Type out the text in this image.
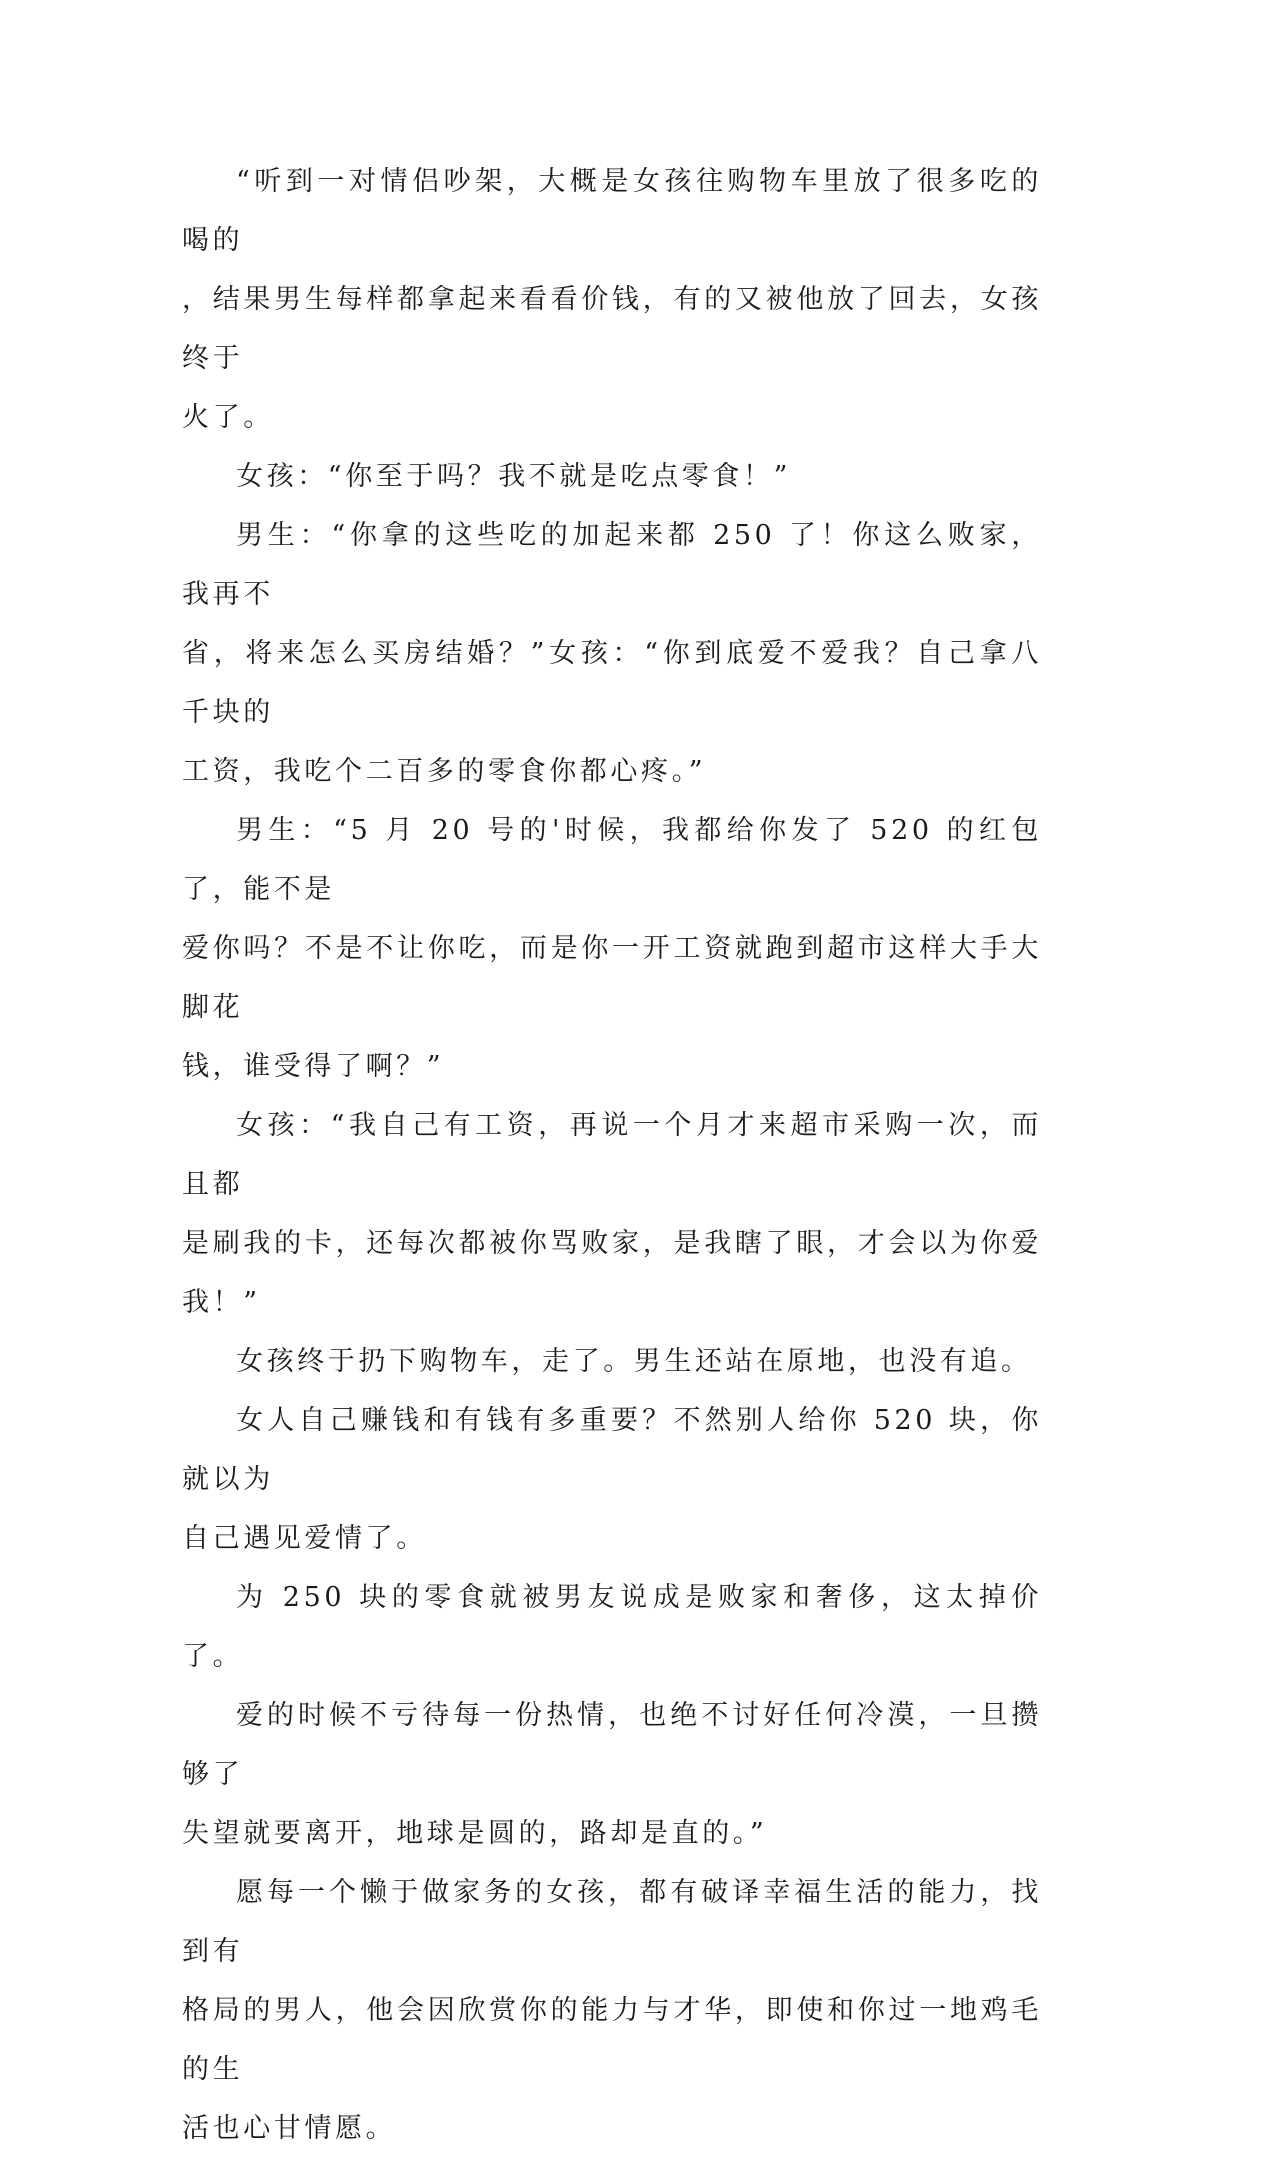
“听到一对情侣吵架，大概是女孩往购物车里放了很多吃的喝的
，结果男生每样都拿起来看看价钱，有的又被他放了回去，女孩终于
火了。

女孩：“你至于吗？我不就是吃点零食！”

男生：“你拿的这些吃的加起来都 250 了！你这么败家，我再不
省，将来怎么买房结婚？”女孩：“你到底爱不爱我？自己拿八千块的
工资，我吃个二百多的零食你都心疼。”

男生：“5 月 20 号的'时候，我都给你发了 520 的红包了，能不是
爱你吗？不是不让你吃，而是你一开工资就跑到超市这样大手大脚花
钱，谁受得了啊？”

女孩：“我自己有工资，再说一个月才来超市采购一次，而且都
是刷我的卡，还每次都被你骂败家，是我瞎了眼，才会以为你爱我！”

女孩终于扔下购物车，走了。男生还站在原地，也没有追。

女人自己赚钱和有钱有多重要？不然别人给你 520 块，你就以为
自己遇见爱情了。

为 250 块的零食就被男友说成是败家和奢侈，这太掉价了。

爱的时候不亏待每一份热情，也绝不讨好任何冷漠，一旦攒够了
失望就要离开，地球是圆的，路却是直的。”

愿每一个懒于做家务的女孩，都有破译幸福生活的能力，找到有
格局的男人，他会因欣赏你的能力与才华，即使和你过一地鸡毛的生
活也心甘情愿。
